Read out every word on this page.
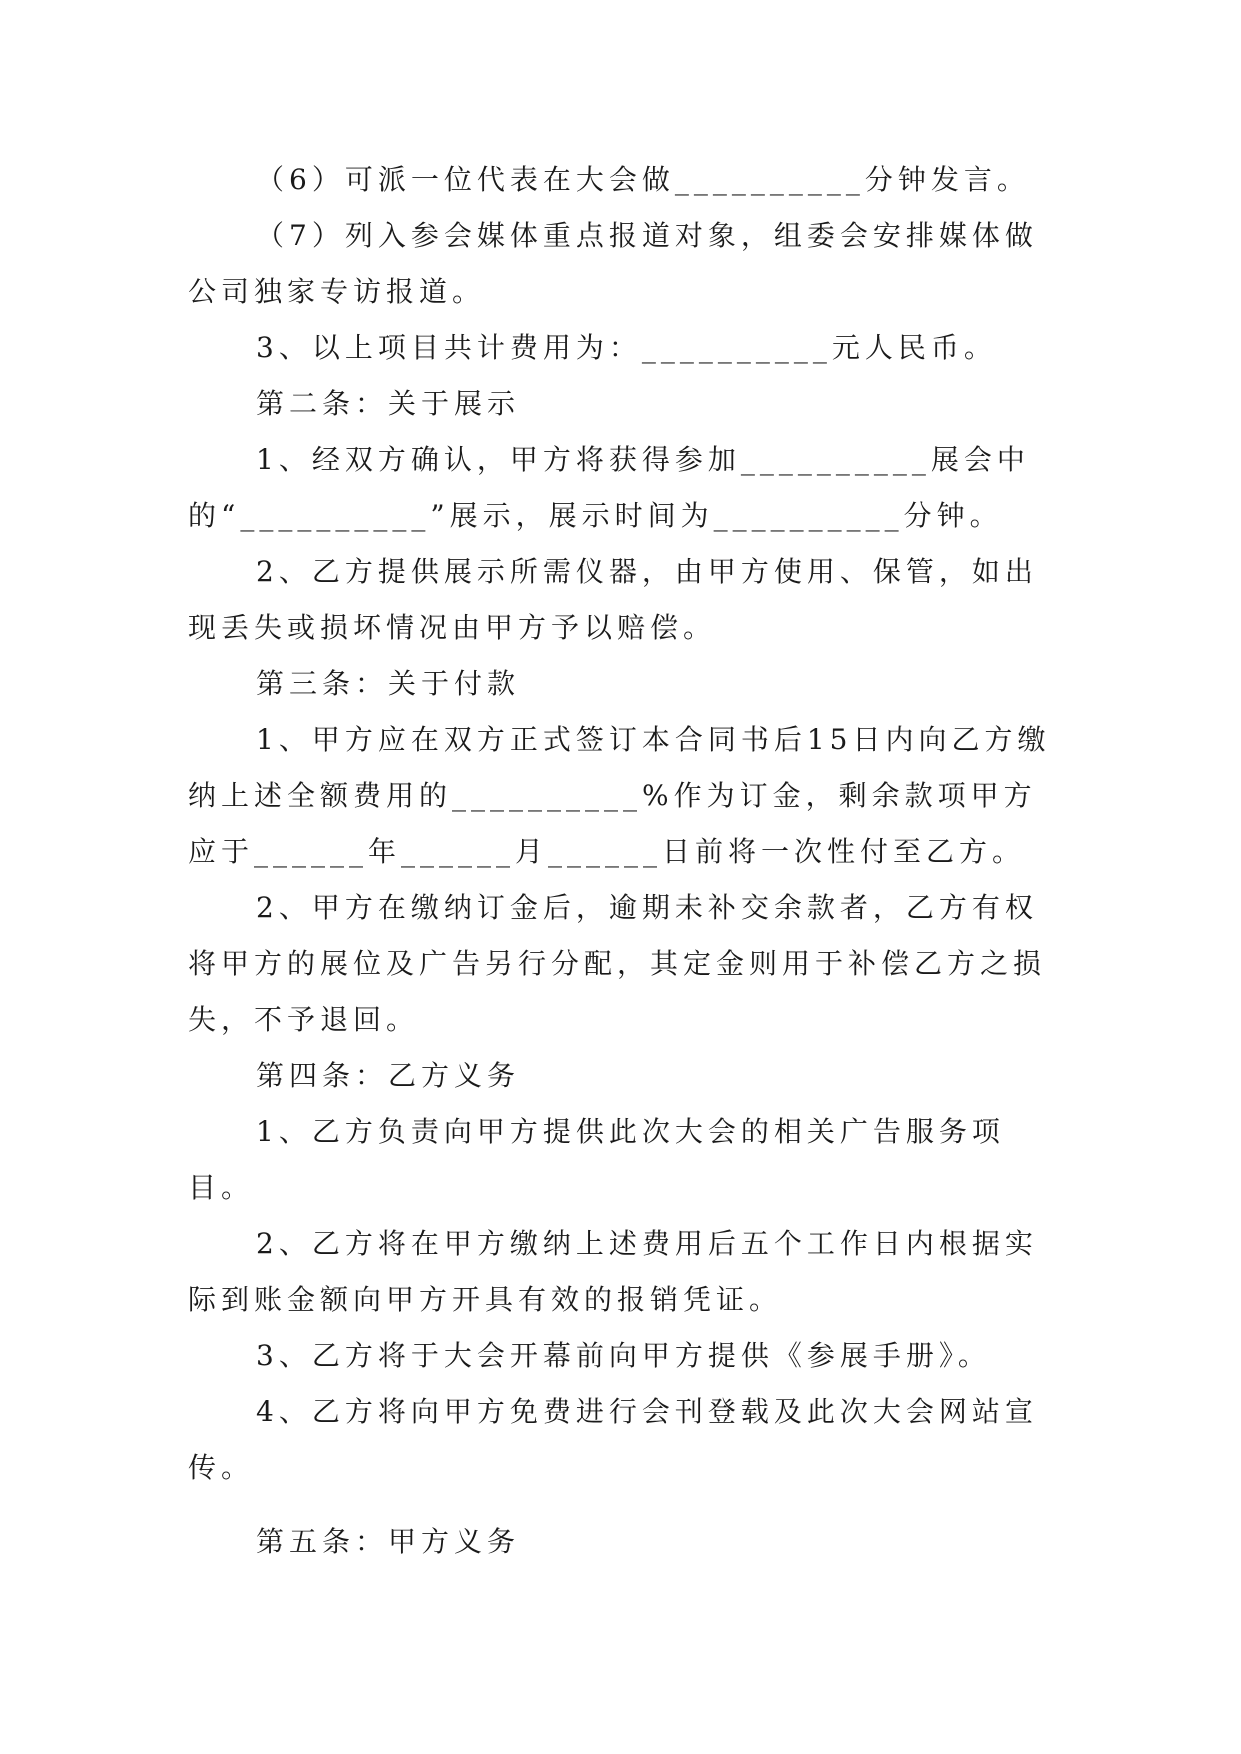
（6）可派一位代表在大会做__________分钟发言。

（7）列入参会媒体重点报道对象，组委会安排媒体做公司独家专访报道。

3、以上项目共计费用为：__________元人民币。

第二条：关于展示

1、经双方确认，甲方将获得参加__________展会中的“__________”展示，展示时间为__________分钟。

2、乙方提供展示所需仪器，由甲方使用、保管，如出现丢失或损坏情况由甲方予以赔偿。

第三条：关于付款

1、甲方应在双方正式签订本合同书后15日内向乙方缴纳上述全额费用的__________%作为订金，剩余款项甲方应于______年______月______日前将一次性付至乙方。

2、甲方在缴纳订金后，逾期未补交余款者，乙方有权将甲方的展位及广告另行分配，其定金则用于补偿乙方之损失，不予退回。

第四条：乙方义务

1、乙方负责向甲方提供此次大会的相关广告服务项目。

2、乙方将在甲方缴纳上述费用后五个工作日内根据实际到账金额向甲方开具有效的报销凭证。

3、乙方将于大会开幕前向甲方提供《参展手册》。

4、乙方将向甲方免费进行会刊登载及此次大会网站宣传。

第五条：甲方义务
